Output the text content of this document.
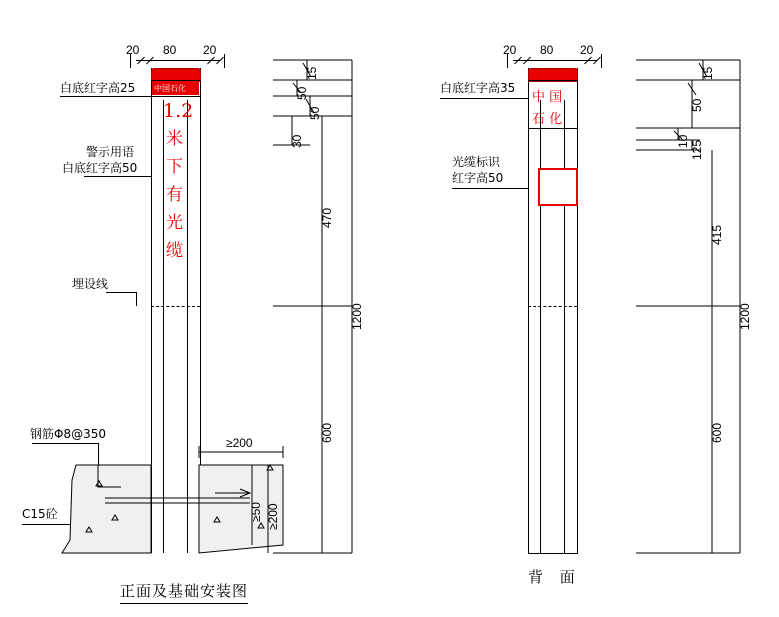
20 80 20
中国石化
1.2
米
下
有
光
缆
白底红字高25
警示用语
白底红字高50
埋设线
钢筋Φ8@350
C15砼
≥200
≥50 ≥200
15
50
50
30
470
600
1200
正面及基础安装图
20 80 20
中 国
石 化
白底红字高35
光缆标识
红字高50
15
50
10 125
415
600
1200
背 面
